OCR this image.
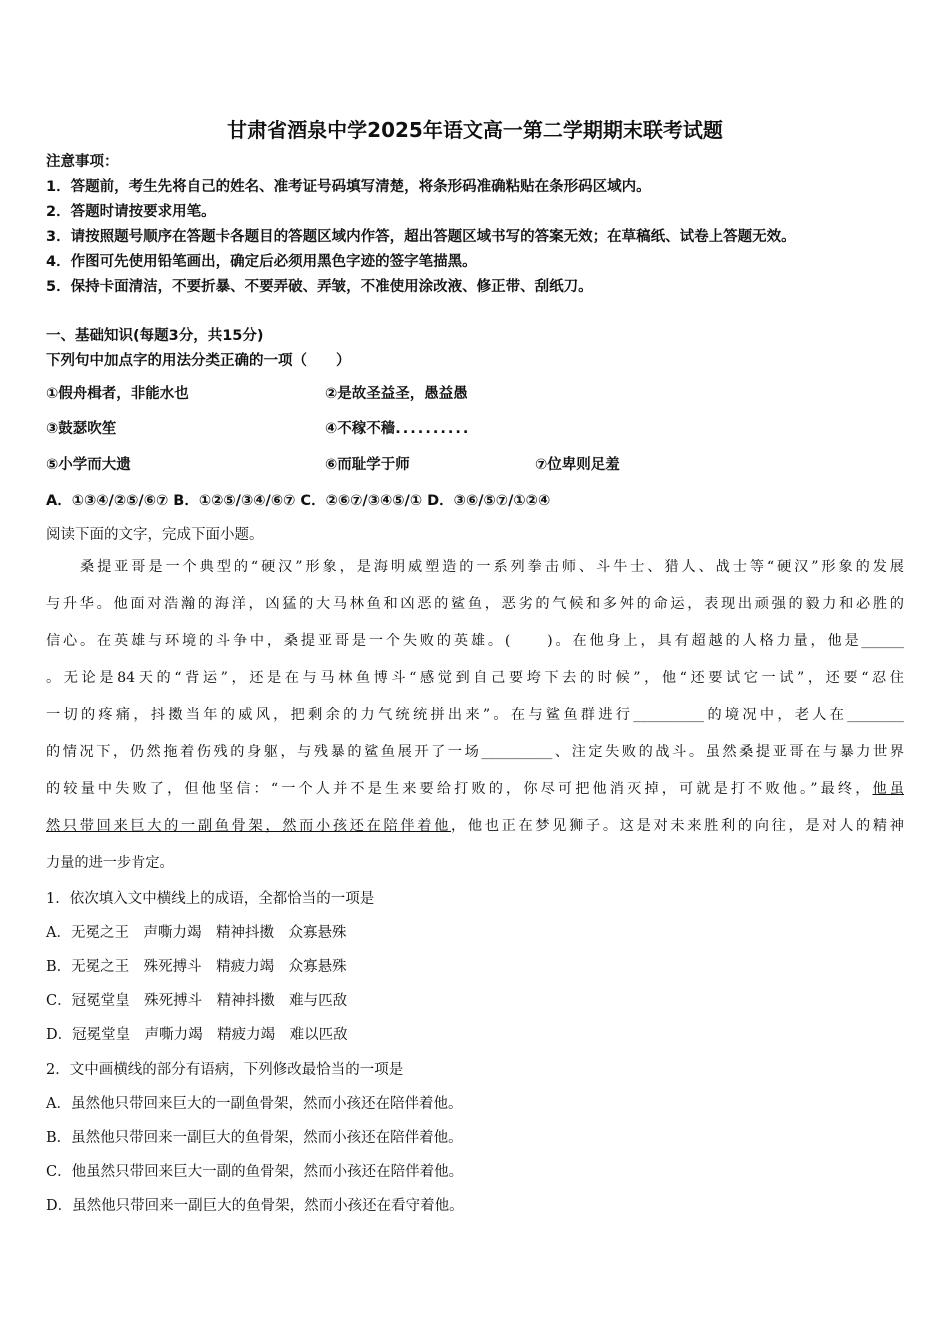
甘肃省酒泉中学2025年语文高一第二学期期末联考试题
注意事项：
1．答题前，考生先将自己的姓名、准考证号码填写清楚，将条形码准确粘贴在条形码区域内。
2．答题时请按要求用笔。
3．请按照题号顺序在答题卡各题目的答题区域内作答，超出答题区域书写的答案无效；在草稿纸、试卷上答题无效。
4．作图可先使用铅笔画出，确定后必须用黑色字迹的签字笔描黑。
5．保持卡面清洁，不要折暴、不要弄破、弄皱，不准使用涂改液、修正带、刮纸刀。
一、基础知识(每题3分，共15分)
下列句中加点字的用法分类正确的一项（　　）
①假舟楫者，非能水也	②是故圣益圣，愚益愚
③鼓瑟吹笙	④不稼不穑..........
⑤小学而大遗	⑥而耻学于师	⑦位卑则足羞
A．①③④/②⑤/⑥⑦ B．①②⑤/③④/⑥⑦ C．②⑥⑦/③④⑤/① D．③⑥/⑤⑦/①②④
阅读下面的文字，完成下面小题。
桑提亚哥是一个典型的“硬汉”形象，是海明威塑造的一系列拳击师、斗牛士、猎人、战士等“硬汉”形象的发展
与升华。他面对浩瀚的海洋，凶猛的大马林鱼和凶恶的鲨鱼，恶劣的气候和多舛的命运，表现出顽强的毅力和必胜的
信心。在英雄与环境的斗争中，桑提亚哥是一个失败的英雄。(　　)。在他身上，具有超越的人格力量，他是______
。无论是84天的“背运”，还是在与马林鱼博斗“感觉到自己要垮下去的时候”，他“还要试它一试”，还要“忍住
一切的疼痛，抖擞当年的威风，把剩余的力气统统拼出来”。在与鲨鱼群进行__________的境况中，老人在________
的情况下，仍然拖着伤残的身躯，与残暴的鲨鱼展开了一场__________、注定失败的战斗。虽然桑提亚哥在与暴力世界
的较量中失败了，但他坚信：“一个人并不是生来要给打败的，你尽可把他消灭掉，可就是打不败他。”最终，他虽
然只带回来巨大的一副鱼骨架，然而小孩还在陪伴着他，他也正在梦见狮子。这是对未来胜利的向往，是对人的精神
力量的进一步肯定。
1．依次填入文中横线上的成语，全都恰当的一项是
A．无冕之王　声嘶力竭　精神抖擞　众寡悬殊
B．无冕之王　殊死搏斗　精疲力竭　众寡悬殊
C．冠冕堂皇　殊死搏斗　精神抖擞　难与匹敌
D．冠冕堂皇　声嘶力竭　精疲力竭　难以匹敌
2．文中画横线的部分有语病，下列修改最恰当的一项是
A．虽然他只带回来巨大的一副鱼骨架，然而小孩还在陪伴着他。
B．虽然他只带回来一副巨大的鱼骨架，然而小孩还在陪伴着他。
C．他虽然只带回来巨大一副的鱼骨架，然而小孩还在陪伴着他。
D．虽然他只带回来一副巨大的鱼骨架，然而小孩还在看守着他。
